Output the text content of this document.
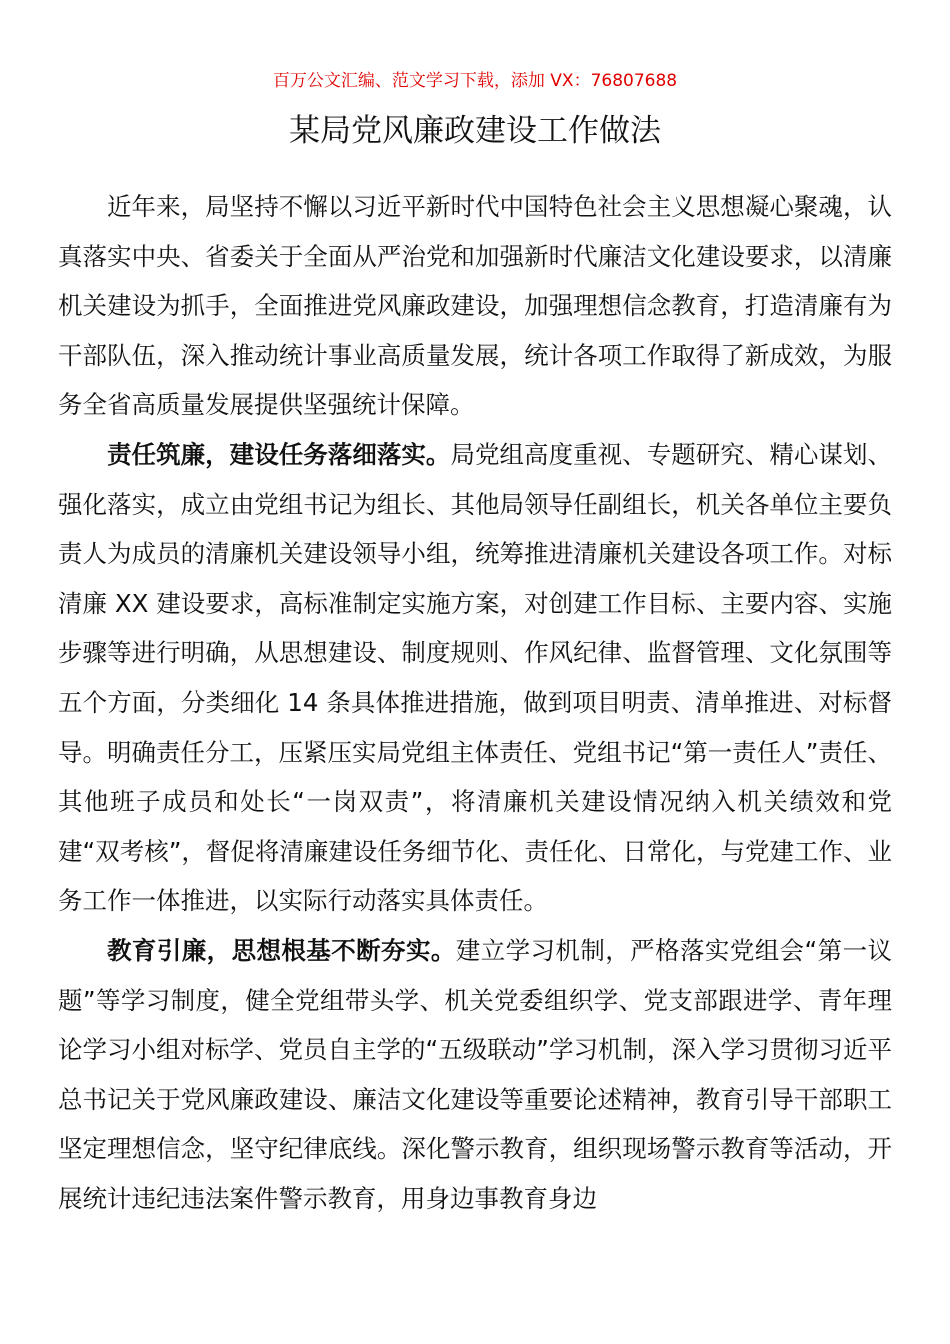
百万公文汇编、范文学习下载，添加 VX：76807688
某局党风廉政建设工作做法

近年来，局坚持不懈以习近平新时代中国特色社会主义思想凝心聚魂，认真落实中央、省委关于全面从严治党和加强新时代廉洁文化建设要求，以清廉机关建设为抓手，全面推进党风廉政建设，加强理想信念教育，打造清廉有为干部队伍，深入推动统计事业高质量发展，统计各项工作取得了新成效，为服务全省高质量发展提供坚强统计保障。

责任筑廉，建设任务落细落实。局党组高度重视、专题研究、精心谋划、强化落实，成立由党组书记为组长、其他局领导任副组长，机关各单位主要负责人为成员的清廉机关建设领导小组，统筹推进清廉机关建设各项工作。对标清廉 XX 建设要求，高标准制定实施方案，对创建工作目标、主要内容、实施步骤等进行明确，从思想建设、制度规则、作风纪律、监督管理、文化氛围等五个方面，分类细化 14 条具体推进措施，做到项目明责、清单推进、对标督导。明确责任分工，压紧压实局党组主体责任、党组书记“第一责任人”责任、其他班子成员和处长“一岗双责”，将清廉机关建设情况纳入机关绩效和党建“双考核”，督促将清廉建设任务细节化、责任化、日常化，与党建工作、业务工作一体推进，以实际行动落实具体责任。

教育引廉，思想根基不断夯实。建立学习机制，严格落实党组会“第一议题”等学习制度，健全党组带头学、机关党委组织学、党支部跟进学、青年理论学习小组对标学、党员自主学的“五级联动”学习机制，深入学习贯彻习近平总书记关于党风廉政建设、廉洁文化建设等重要论述精神，教育引导干部职工坚定理想信念，坚守纪律底线。深化警示教育，组织现场警示教育等活动，开展统计违纪违法案件警示教育，用身边事教育身边
